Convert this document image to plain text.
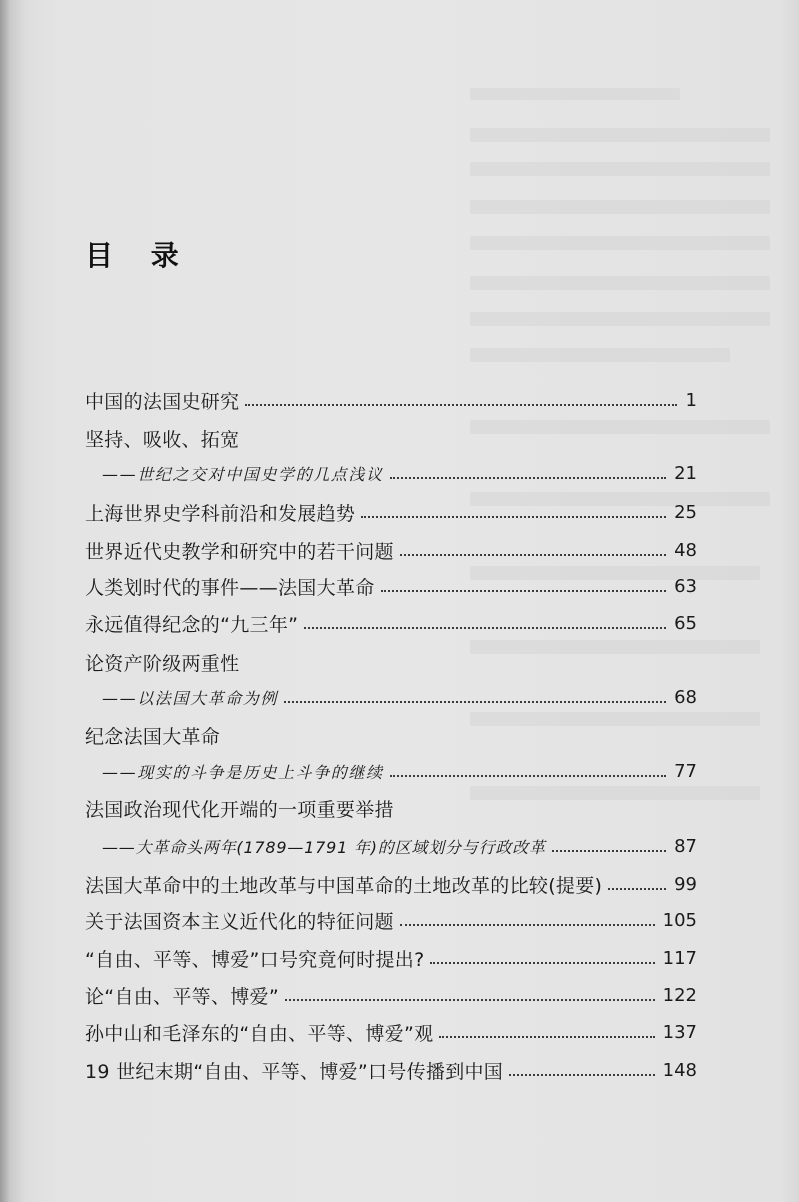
目 录
中国的法国史研究	1
坚持、吸收、拓宽
——世纪之交对中国史学的几点浅议	21
上海世界史学科前沿和发展趋势	25
世界近代史教学和研究中的若干问题	48
人类划时代的事件——法国大革命	63
永远值得纪念的“九三年”	65
论资产阶级两重性
——以法国大革命为例	68
纪念法国大革命
——现实的斗争是历史上斗争的继续	77
法国政治现代化开端的一项重要举措
——大革命头两年(1789—1791 年)的区域划分与行政改革	87
法国大革命中的土地改革与中国革命的土地改革的比较(提要)	99
关于法国资本主义近代化的特征问题	105
“自由、平等、博爱”口号究竟何时提出?	117
论“自由、平等、博爱”	122
孙中山和毛泽东的“自由、平等、博爱”观	137
19 世纪末期“自由、平等、博爱”口号传播到中国	148
